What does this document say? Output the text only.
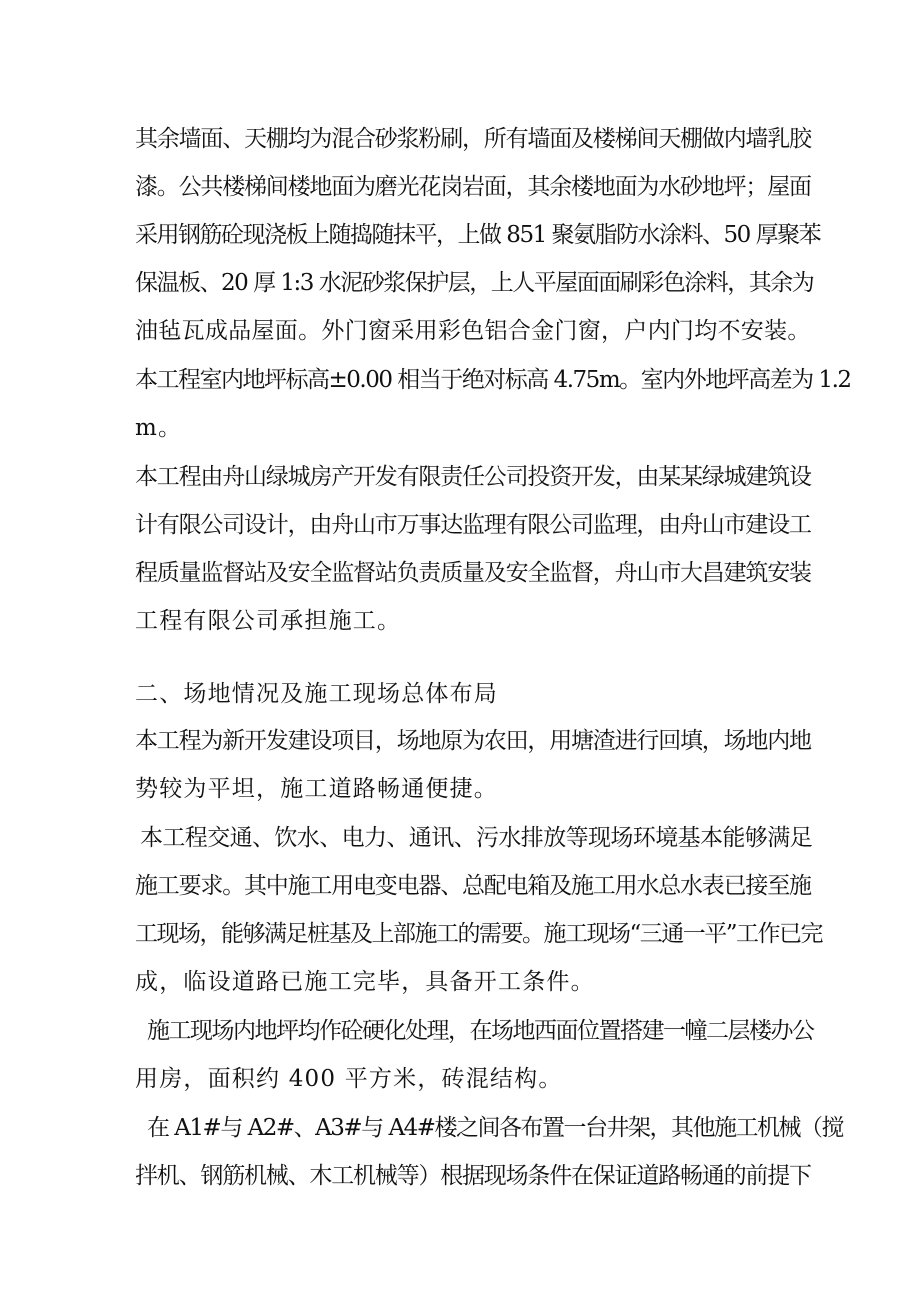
其余墙面、天棚均为混合砂浆粉刷，所有墙面及楼梯间天棚做内墙乳胶

漆。公共楼梯间楼地面为磨光花岗岩面，其余楼地面为水砂地坪；屋面

采用钢筋砼现浇板上随捣随抹平，上做 851 聚氨脂防水涂料、50 厚聚苯

保温板、20 厚 1:3 水泥砂浆保护层，上人平屋面面刷彩色涂料，其余为

油毡瓦成品屋面。外门窗采用彩色铝合金门窗，户内门均不安装。

本工程室内地坪标高±0.00 相当于绝对标高 4.75m。室内外地坪高差为 1.2

m。

本工程由舟山绿城房产开发有限责任公司投资开发，由某某绿城建筑设

计有限公司设计，由舟山市万事达监理有限公司监理，由舟山市建设工

程质量监督站及安全监督站负责质量及安全监督，舟山市大昌建筑安装

工程有限公司承担施工。

二、场地情况及施工现场总体布局

本工程为新开发建设项目，场地原为农田，用塘渣进行回填，场地内地

势较为平坦，施工道路畅通便捷。

本工程交通、饮水、电力、通讯、污水排放等现场环境基本能够满足

施工要求。其中施工用电变电器、总配电箱及施工用水总水表已接至施

工现场，能够满足桩基及上部施工的需要。施工现场“三通一平”工作已完

成，临设道路已施工完毕，具备开工条件。

施工现场内地坪均作砼硬化处理，在场地西面位置搭建一幢二层楼办公

用房，面积约 400 平方米，砖混结构。

在 A1#与 A2#、A3#与 A4#楼之间各布置一台井架，其他施工机械（搅

拌机、钢筋机械、木工机械等）根据现场条件在保证道路畅通的前提下
